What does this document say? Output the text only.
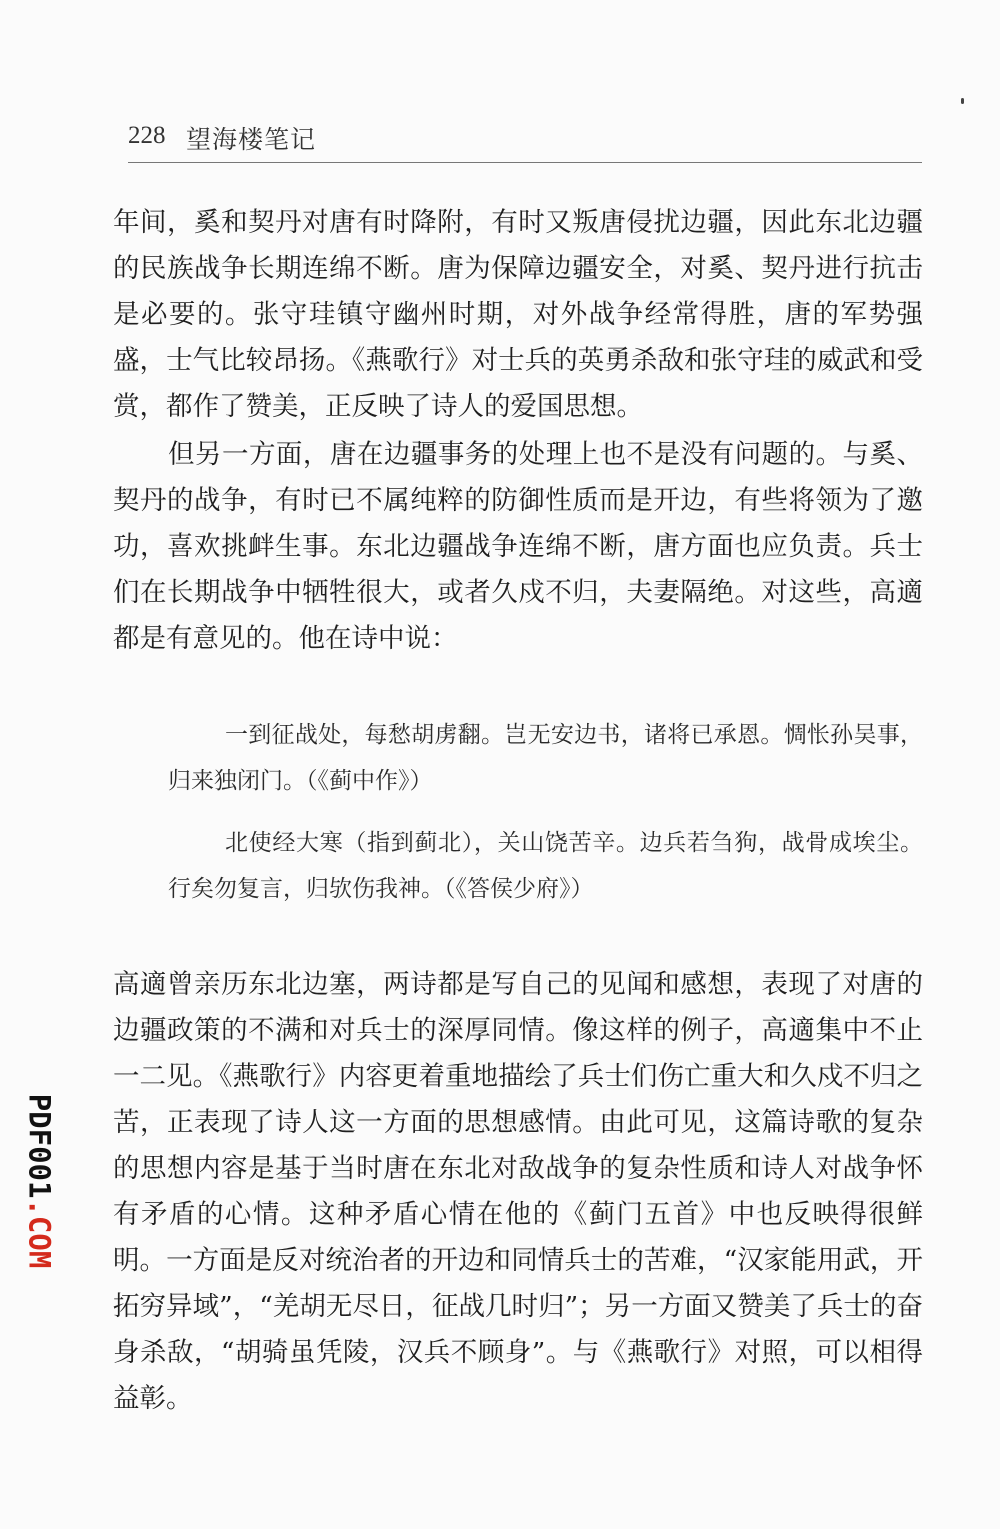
228 望海楼笔记

年间，奚和契丹对唐有时降附，有时又叛唐侵扰边疆，因此东北边疆的民族战争长期连绵不断。唐为保障边疆安全，对奚、契丹进行抗击是必要的。张守珪镇守幽州时期，对外战争经常得胜，唐的军势强盛，士气比较昂扬。《燕歌行》对士兵的英勇杀敌和张守珪的威武和受赏，都作了赞美，正反映了诗人的爱国思想。

但另一方面，唐在边疆事务的处理上也不是没有问题的。与奚、契丹的战争，有时已不属纯粹的防御性质而是开边，有些将领为了邀功，喜欢挑衅生事。东北边疆战争连绵不断，唐方面也应负责。兵士们在长期战争中牺牲很大，或者久戍不归，夫妻隔绝。对这些，高適都是有意见的。他在诗中说：

一到征战处，每愁胡虏翻。岂无安边书，诸将已承恩。惆怅孙吴事，归来独闭门。（《蓟中作》）

北使经大寒（指到蓟北），关山饶苦辛。边兵若刍狗，战骨成埃尘。行矣勿复言，归欤伤我神。（《答侯少府》）

高適曾亲历东北边塞，两诗都是写自己的见闻和感想，表现了对唐的边疆政策的不满和对兵士的深厚同情。像这样的例子，高適集中不止一二见。《燕歌行》内容更着重地描绘了兵士们伤亡重大和久戍不归之苦，正表现了诗人这一方面的思想感情。由此可见，这篇诗歌的复杂的思想内容是基于当时唐在东北对敌战争的复杂性质和诗人对战争怀有矛盾的心情。这种矛盾心情在他的《蓟门五首》中也反映得很鲜明。一方面是反对统治者的开边和同情兵士的苦难，“汉家能用武，开拓穷异域”，“羌胡无尽日，征战几时归”；另一方面又赞美了兵士的奋身杀敌，“胡骑虽凭陵，汉兵不顾身”。与《燕歌行》对照，可以相得益彰。

PDF001.COM
